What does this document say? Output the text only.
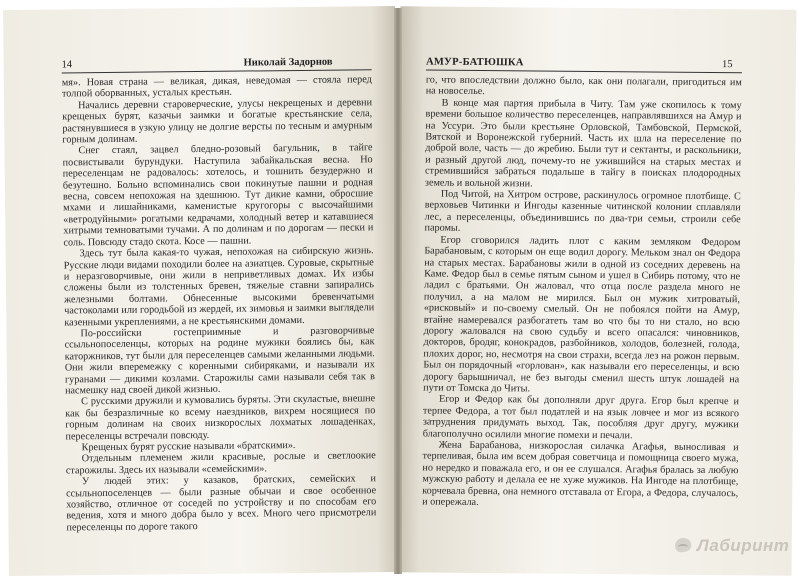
14	Николай Задорнов

мя». Новая страна — великая, дикая, неведомая — стояла перед толпой оборванных, усталых крестьян.

Начались деревни староверческие, улусы некрещеных и деревни крещеных бурят, казачьи заимки и богатые крестьянские села, растянувшиеся в узкую улицу не долгие версты по тесным и амурным горным долинам.

Снег стаял, зацвел бледно-розовый багульник, в тайге посвистывали бурундуки. Наступила забайкальская весна. Но переселенцам не радовалось: хотелось, и тошнить безудержно и безутешно. Больно вспоминались свои покинутые пашни и родная весна, совсем непохожая на здешнюю. Тут дикие камни, обросшие мхами и лишайниками, каменистые кругогоры с высочайшими «ветродуйными» рогатыми кедрачами, холодный ветер и катавшиеся хитрыми темноватыми тучами. А по долинам и по дорогам — пески и соль. Повсюду стадо скота. Косе — пашни.

Здесь тут была какая-то чужая, непохожая на сибирскую жизнь. Русские люди видами походили более на азиатцев. Суровые, скрытные и неразговорчивые, они жили в неприветливых домах. Их избы сложены были из толстенных бревен, тяжелые ставни запирались железными болтами. Обнесенные высокими бревенчатыми частоколами или городьбой из жердей, их зимовья и заимки выглядели казенными укреплениями, а не крестьянскими домами.

По-российски гостеприимные и разговорчивые ссыльнопоселенцы, которых на родине мужики боялись бы, как каторжников, тут были для переселенцев самыми желанными людьми. Они жили вперемежку с коренными сибиряками, и называли их гуранами — дикими козлами. Старожилы сами называли себя так в насмешку над своей дикой жизнью.

С русскими дружили и кумовались буряты. Эти скуластые, внешне как бы безразличные ко всему наездников, вихрем носящиеся по горным долинам на своих низкорослых лохматых лошаденках, переселенцы встречали повсюду.

Крещеных бурят русские называли «братскими».

Отдельным племенем жили красивые, рослые и светлоокие старожилы. Здесь их называли «семейскими».

У людей этих: у казаков, братских, семейских и ссыльнопоселенцев — были разные обычаи и свое особенное хозяйство, отличное от соседей по устройству и по способам его ведения, хотя и много добра было у всех. Много чего присмотрели переселенцы по дороге такого

АМУР-БАТЮШКА	15

го, что впоследствии должно было, как они полагали, пригодиться им на новоселье.

В конце мая партия прибыла в Читу. Там уже скопилось к тому времени большое количество переселенцев, направлявшихся на Амур и на Уссури. Это были крестьяне Орловской, Тамбовской, Пермской, Вятской и Воронежской губерний. Часть их шла на переселение по доброй воле, часть — до жребию. Были тут и сектанты, и раскольники, и разный другой люд, почему-то не ужившийся на старых местах и стремившийся забраться подальше в тайгу в поисках плодородных земель и вольной жизни.

Под Читой, на Хитром острове, раскинулось огромное плотбище. С верховьев Читинки и Ингоды казенные читинской колонии сплавляли лес, а переселенцы, объединившись по два-три семьи, строили себе паромы.

Егор сговорился ладить плот с каким земляком Федором Барабановым, с которым он еще водил дорогу. Мельком знал он Федора на старых местах. Барабановы жили в одной из соседних деревень на Каме. Федор был в семье пятым сыном и ушел в Сибирь потому, что не ладил с братьями. Он жаловал, что отца после раздела много не получил, а на малом не мирился. Был он мужик хитроватый, «рисковый» и по-своему смелый. Он не побоялся пойти на Амур, втайне намеревался разбогатеть там во что бы то ни стало, но всю дорогу жаловался на свою судьбу и всего опасался: чиновников, докторов, бродяг, конокрадов, разбойников, холодов, болезней, голода, плохих дорог, но, несмотря на свои страхи, всегда лез на рожон первым. Был он порядочный «горлован», как называли его переселенцы, и всю дорогу барышничал, не без выгоды сменил шесть штук лошадей на пути от Томска до Читы.

Егор и Федор как бы дополняли друг друга. Егор был крепче и терпее Федора, а тот был податлей и на язык ловчее и мог из всякого затруднения придумать выход. Так, пособляя друг другу, мужики благополучно осилили многие помехи и печали.

Жена Барабанова, низкорослая силачка Агафья, выносливая и терпеливая, была им всем добрая советчица и помощница своего мужа, но нередко и поважала его, и он ее слушался. Агафья бралась за любую мужскую работу и делала ее не хуже мужиков. На Ингоде на плотбище, корчевала бревна, она немного отставала от Егора, а Федора, случалось, и опережала.

Лабиринт
